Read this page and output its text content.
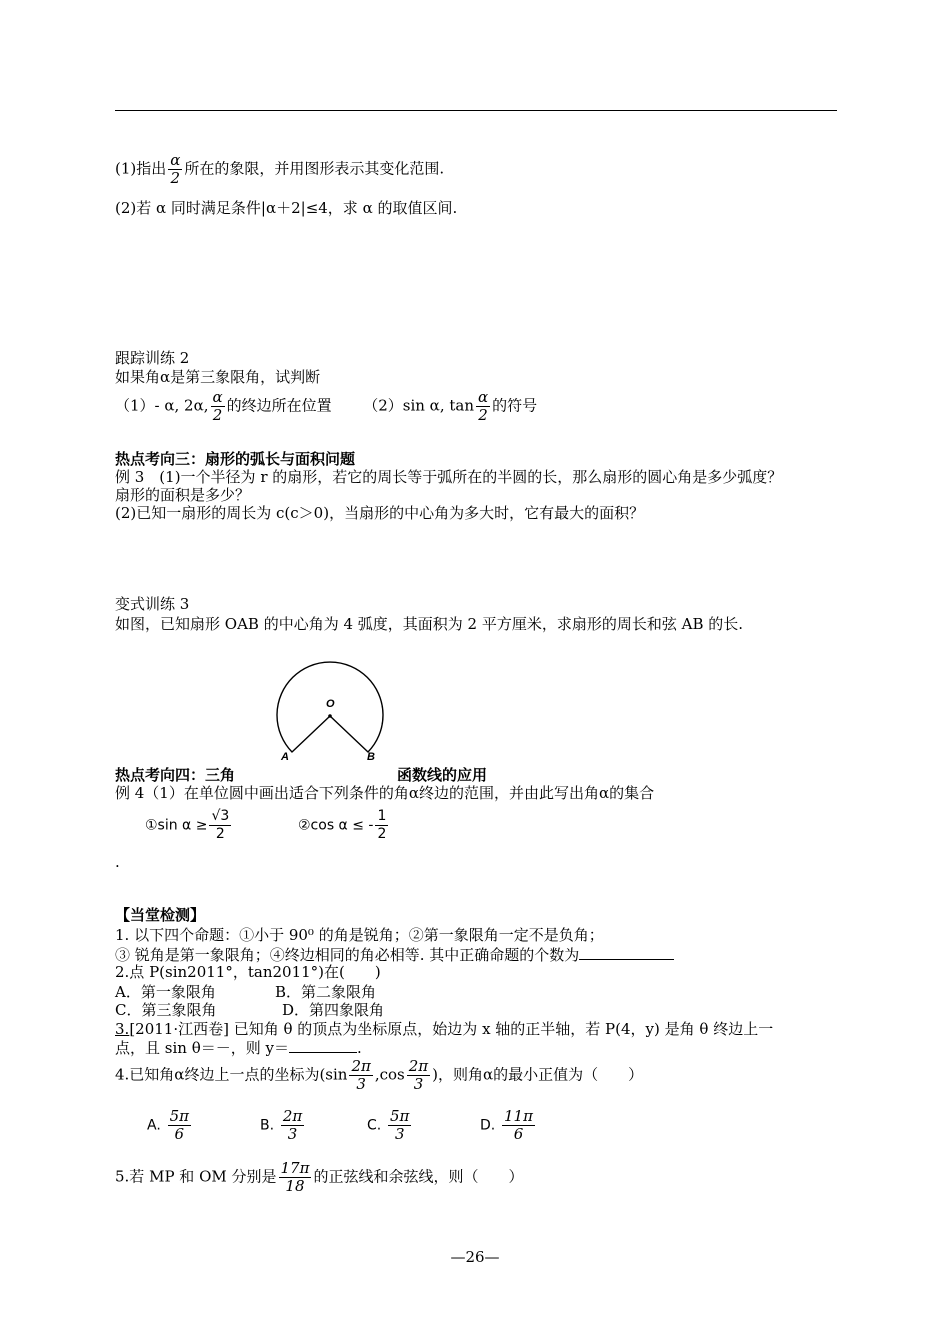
(1)指出 $\frac{\alpha}{2}$ 所在的象限，并用图形表示其变化范围.
(2)若 α 同时满足条件|α＋2|≤4，求 α 的取值区间.
跟踪训练 2
如果角α是第三象限角，试判断
（1）- α, 2α, $\frac{\alpha}{2}$ 的终边所在位置 （2）sin α, $\tan \frac{\alpha}{2}$ 的符号
热点考向三：扇形的弧长与面积问题
例 3　(1)一个半径为 r 的扇形，若它的周长等于弧所在的半圆的长，那么扇形的圆心角是多少弧度？
扇形的面积是多少？
(2)已知一扇形的周长为 c(c＞0)，当扇形的中心角为多大时，它有最大的面积？
变式训练 3
如图，已知扇形 OAB 的中心角为 4 弧度，其面积为 2 平方厘米，求扇形的周长和弦 AB 的长.
O
A	B
热点考向四：三角	函数线的应用
例 4（1）在单位圆中画出适合下列条件的角α终边的范围，并由此写出角α的集合
①sin $\alpha \ge \frac{√3}{2}$	②cos α ≤ - $\frac{1}{2}$
.
【当堂检测】
1. 以下四个命题：①小于 90⁰ 的角是锐角；②第一象限角一定不是负角；
③ 锐角是第一象限角；④终边相同的角必相等. 其中正确命题的个数为
2.点 P(sin2011°，tan2011°)在(　　)
A．第一象限角	B．第二象限角
C．第三象限角	D．第四象限角
3.[2011·江西卷] 已知角 θ 的顶点为坐标原点，始边为 x 轴的正半轴，若 P(4，y) 是角 θ 终边上一
点，且 sin θ＝－，则 y＝	.
4.已知角α终边上一点的坐标为($\sin \frac{2\pi}{3} ,\cos \frac{2\pi}{3}$ )，则角α的最小正值为（　　）
A. $\frac{5\pi}{6}$	B. $\frac{2\pi}{3}$	C. $\frac{5\pi}{3}$	D. $\frac{11\pi}{6}$
5.若 MP 和 OM 分别是 $\frac{17\pi}{18}$ 的正弦线和余弦线，则（　　）
—26—
